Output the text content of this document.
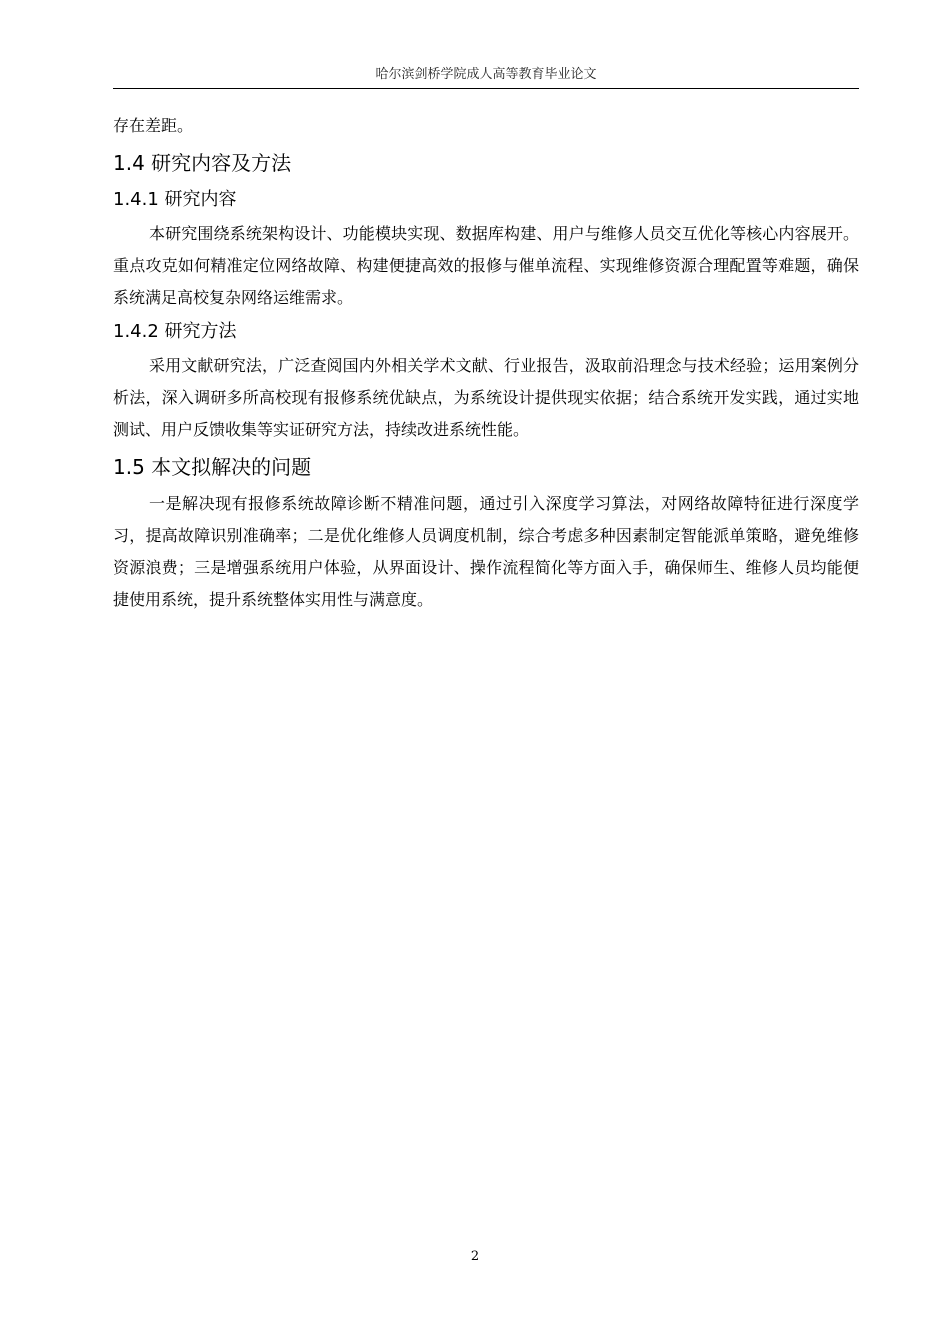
哈尔滨剑桥学院成人高等教育毕业论文

存在差距。

1.4 研究内容及方法
1.4.1 研究内容

本研究围绕系统架构设计、功能模块实现、数据库构建、用户与维修人员交互优化等核心内容展开。重点攻克如何精准定位网络故障、构建便捷高效的报修与催单流程、实现维修资源合理配置等难题，确保系统满足高校复杂网络运维需求。

1.4.2 研究方法

采用文献研究法，广泛查阅国内外相关学术文献、行业报告，汲取前沿理念与技术经验；运用案例分析法，深入调研多所高校现有报修系统优缺点，为系统设计提供现实依据；结合系统开发实践，通过实地测试、用户反馈收集等实证研究方法，持续改进系统性能。

1.5 本文拟解决的问题

一是解决现有报修系统故障诊断不精准问题，通过引入深度学习算法，对网络故障特征进行深度学习，提高故障识别准确率；二是优化维修人员调度机制，综合考虑多种因素制定智能派单策略，避免维修资源浪费；三是增强系统用户体验，从界面设计、操作流程简化等方面入手，确保师生、维修人员均能便捷使用系统，提升系统整体实用性与满意度。

2
